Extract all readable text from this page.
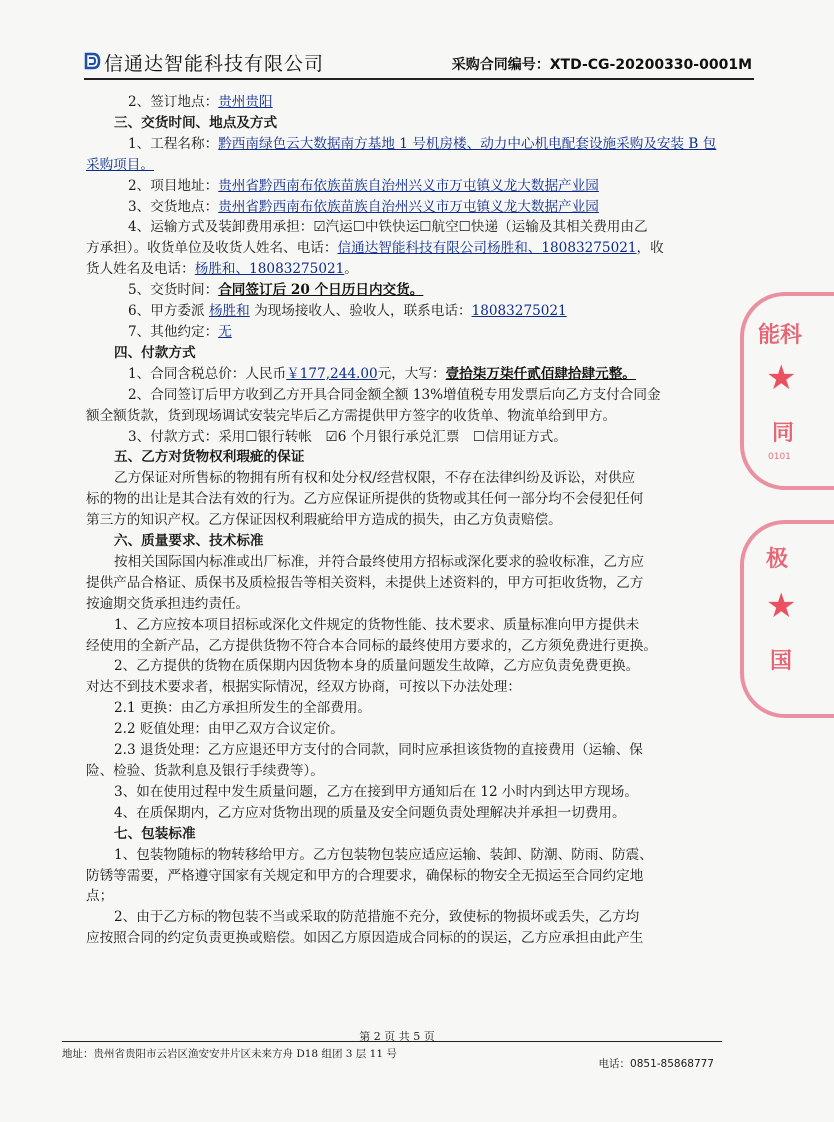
信通达智能科技有限公司	采购合同编号：XTD-CG-20200330-0001M
2、签订地点：贵州贵阳
三、交货时间、地点及方式
1、工程名称：黔西南绿色云大数据南方基地 1 号机房楼、动力中心机电配套设施采购及安装 B 包
采购项目。
2、项目地址：贵州省黔西南布依族苗族自治州兴义市万屯镇义龙大数据产业园
3、交货地点：贵州省黔西南布依族苗族自治州兴义市万屯镇义龙大数据产业园
4、运输方式及装卸费用承担：☑汽运☐中铁快运☐航空☐快递（运输及其相关费用由乙
方承担）。收货单位及收货人姓名、电话：信通达智能科技有限公司杨胜和、18083275021，收
货人姓名及电话：杨胜和、18083275021。
5、交货时间：合同签订后 20 个日历日内交货。
6、甲方委派 杨胜和 为现场接收人、验收人，联系电话：18083275021
7、其他约定：无
四、付款方式
1、合同含税总价：人民币￥177,244.00元，大写：壹拾柒万柒仟贰佰肆拾肆元整。
2、合同签订后甲方收到乙方开具合同金额全额 13%增值税专用发票后向乙方支付合同金
额全额货款，货到现场调试安装完毕后乙方需提供甲方签字的收货单、物流单给到甲方。
3、付款方式：采用☐银行转帐　☑6 个月银行承兑汇票　☐信用证方式。
五、乙方对货物权利瑕疵的保证
乙方保证对所售标的物拥有所有权和处分权/经营权限，不存在法律纠纷及诉讼，对供应
标的物的出让是其合法有效的行为。乙方应保证所提供的货物或其任何一部分均不会侵犯任何
第三方的知识产权。乙方保证因权利瑕疵给甲方造成的损失，由乙方负责赔偿。
六、质量要求、技术标准
按相关国际国内标准或出厂标准，并符合最终使用方招标或深化要求的验收标准，乙方应
提供产品合格证、质保书及质检报告等相关资料，未提供上述资料的，甲方可拒收货物，乙方
按逾期交货承担违约责任。
1、乙方应按本项目招标或深化文件规定的货物性能、技术要求、质量标准向甲方提供未
经使用的全新产品，乙方提供货物不符合本合同标的最终使用方要求的，乙方须免费进行更换。
2、乙方提供的货物在质保期内因货物本身的质量问题发生故障，乙方应负责免费更换。
对达不到技术要求者，根据实际情况，经双方协商，可按以下办法处理：
2.1 更换：由乙方承担所发生的全部费用。
2.2 贬值处理：由甲乙双方合议定价。
2.3 退货处理：乙方应退还甲方支付的合同款，同时应承担该货物的直接费用（运输、保
险、检验、货款利息及银行手续费等）。
3、如在使用过程中发生质量问题，乙方在接到甲方通知后在 12 小时内到达甲方现场。
4、在质保期内，乙方应对货物出现的质量及安全问题负责处理解决并承担一切费用。
七、包装标准
1、包装物随标的物转移给甲方。乙方包装物包装应适应运输、装卸、防潮、防雨、防震、
防锈等需要，严格遵守国家有关规定和甲方的合理要求，确保标的物安全无损运至合同约定地
点；
2、由于乙方标的物包装不当或采取的防范措施不充分，致使标的物损坏或丢失，乙方均
应按照合同的约定负责更换或赔偿。如因乙方原因造成合同标的的误运，乙方应承担由此产生
第 2 页 共 5 页
地址：贵州省贵阳市云岩区渔安安井片区未来方舟 D18 组团 3 层 11 号
电话：0851-85868777
能科
★
同
0101
极
★
国
